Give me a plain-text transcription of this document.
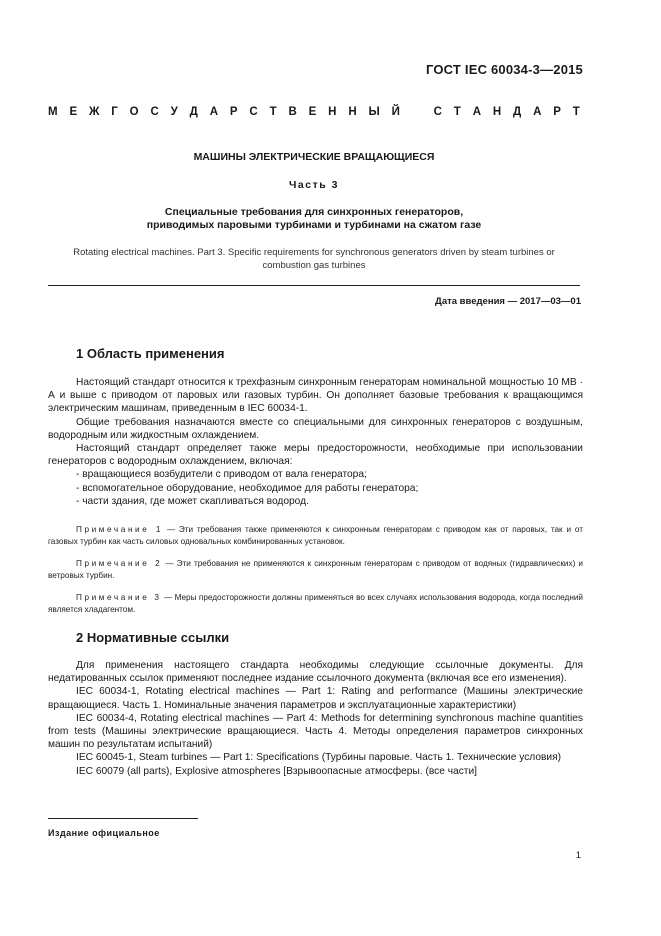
ГОСТ IEC 60034-3—2015
М Е Ж Г О С У Д А Р С Т В Е Н Н Ы Й	С Т А Н Д А Р Т
МАШИНЫ ЭЛЕКТРИЧЕСКИЕ ВРАЩАЮЩИЕСЯ
Часть 3
Специальные требования для синхронных генераторов,
приводимых паровыми турбинами и турбинами на сжатом газе
Rotating electrical machines. Part 3. Specific requirements for synchronous generators driven by steam turbines or
combustion gas turbines
Дата введения — 2017—03—01
1 Область применения

Настоящий стандарт относится к трехфазным синхронным генераторам номинальной мощностью 10 МВ · А и выше с приводом от паровых или газовых турбин. Он дополняет базовые требования к вращающимся электрическим машинам, приведенным в IEC 60034-1.

Общие требования назначаются вместе со специальными для синхронных генераторов с воздушным, водородным или жидкостным охлаждением.

Настоящий стандарт определяет также меры предосторожности, необходимые при использовании генераторов с водородным охлаждением, включая:

- вращающиеся возбудители с приводом от вала генератора;

- вспомогательное оборудование, необходимое для работы генератора;

- части здания, где может скапливаться водород.

Примечание 1 — Эти требования также применяются к синхронным генераторам с приводом как от паровых, так и от газовых турбин как часть силовых одновальных комбинированных установок.
Примечание 2 — Эти требования не применяются к синхронным генераторам с приводом от водяных (гидравлических) и ветровых турбин.
Примечание 3 — Меры предосторожности должны применяться во всех случаях использования водорода, когда последний является хладагентом.
2 Нормативные ссылки

Для применения настоящего стандарта необходимы следующие ссылочные документы. Для недатированных ссылок применяют последнее издание ссылочного документа (включая все его изменения).

IEC 60034-1, Rotating electrical machines — Part 1: Rating and performance (Машины электрические вращающиеся. Часть 1. Номинальные значения параметров и эксплуатационные характеристики)

IEC 60034-4, Rotating electrical machines — Part 4: Methods for determining synchronous machine quantities from tests (Машины электрические вращающиеся. Часть 4. Методы определения параметров синхронных машин по результатам испытаний)

IEC 60045-1, Steam turbines — Part 1: Specifications (Турбины паровые. Часть 1. Технические условия)

IEC 60079 (all parts), Explosive atmospheres [Взрывоопасные атмосферы. (все части]

Издание официальное
1
